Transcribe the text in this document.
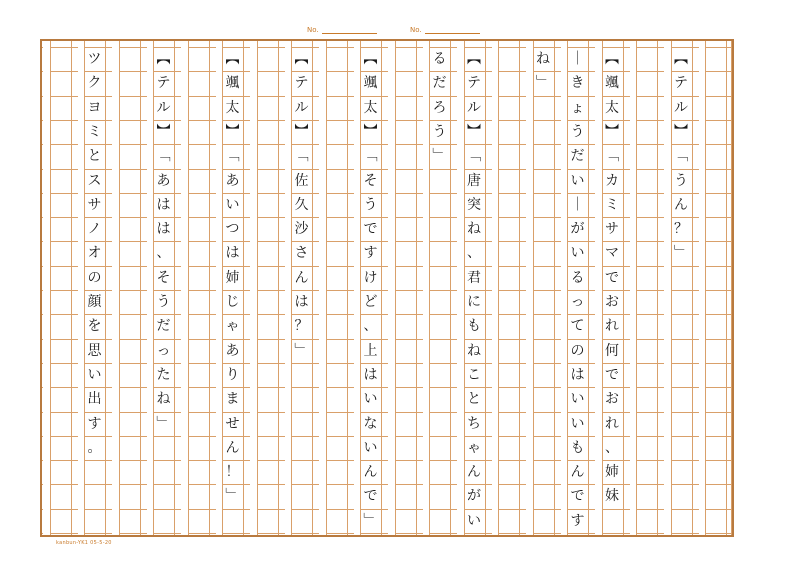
No.	No.
︻
テ
ル
︼
﹁
う
ん
？
﹂
︻
颯
太
︼
﹁
カ
ミ
サ
マ
で
お
れ
何
で
お
れ
、
姉
妹
｜
き
ょ
う
だ
い
｜
が
い
る
っ
て
の
は
い
い
も
ん
で
す
ね
﹂
︻
テ
ル
︼
﹁
唐
突
ね
、
君
に
も
ね
こ
と
ち
ゃ
ん
が
い
る
だ
ろ
う
﹂
︻
颯
太
︼
﹁
そ
う
で
す
け
ど
、
上
は
い
な
い
ん
で
﹂
︻
テ
ル
︼
﹁
佐
久
沙
さ
ん
は
？
﹂
︻
颯
太
︼
﹁
あ
い
つ
は
姉
じ
ゃ
あ
り
ま
せ
ん
！
﹂
︻
テ
ル
︼
﹁
あ
は
は
、
そ
う
だ
っ
た
ね
﹂
ツ
ク
ヨ
ミ
と
ス
サ
ノ
オ
の
顔
を
思
い
出
す
。
kanbun-YK1 05-5-20
